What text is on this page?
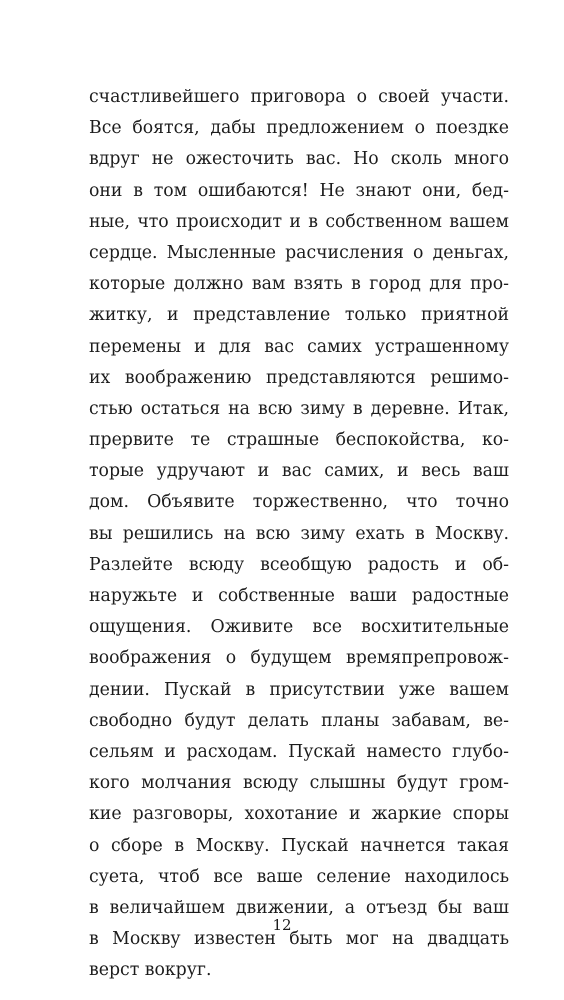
счастливейшего приговора о своей участи.
Все боятся, дабы предложением о поездке
вдруг не ожесточить вас. Но сколь много
они в том ошибаются! Не знают они, бед-
ные, что происходит и в собственном вашем
сердце. Мысленные расчисления о деньгах,
которые должно вам взять в город для про-
житку, и представление только приятной
перемены и для вас самих устрашенному
их воображению представляются решимо-
стью остаться на всю зиму в деревне. Итак,
прервите те страшные беспокойства, ко-
торые удручают и вас самих, и весь ваш
дом. Объявите торжественно, что точно
вы решились на всю зиму ехать в Москву.
Разлейте всюду всеобщую радость и об-
наружьте и собственные ваши радостные
ощущения. Оживите все восхитительные
воображения о будущем времяпрепровож-
дении. Пускай в присутствии уже вашем
свободно будут делать планы забавам, ве-
сельям и расходам. Пускай наместо глубо-
кого молчания всюду слышны будут гром-
кие разговоры, хохотание и жаркие споры
о сборе в Москву. Пускай начнется такая
суета, чтоб все ваше селение находилось
в величайшем движении, а отъезд бы ваш
в Москву известен быть мог на двадцать
верст вокруг.
12
